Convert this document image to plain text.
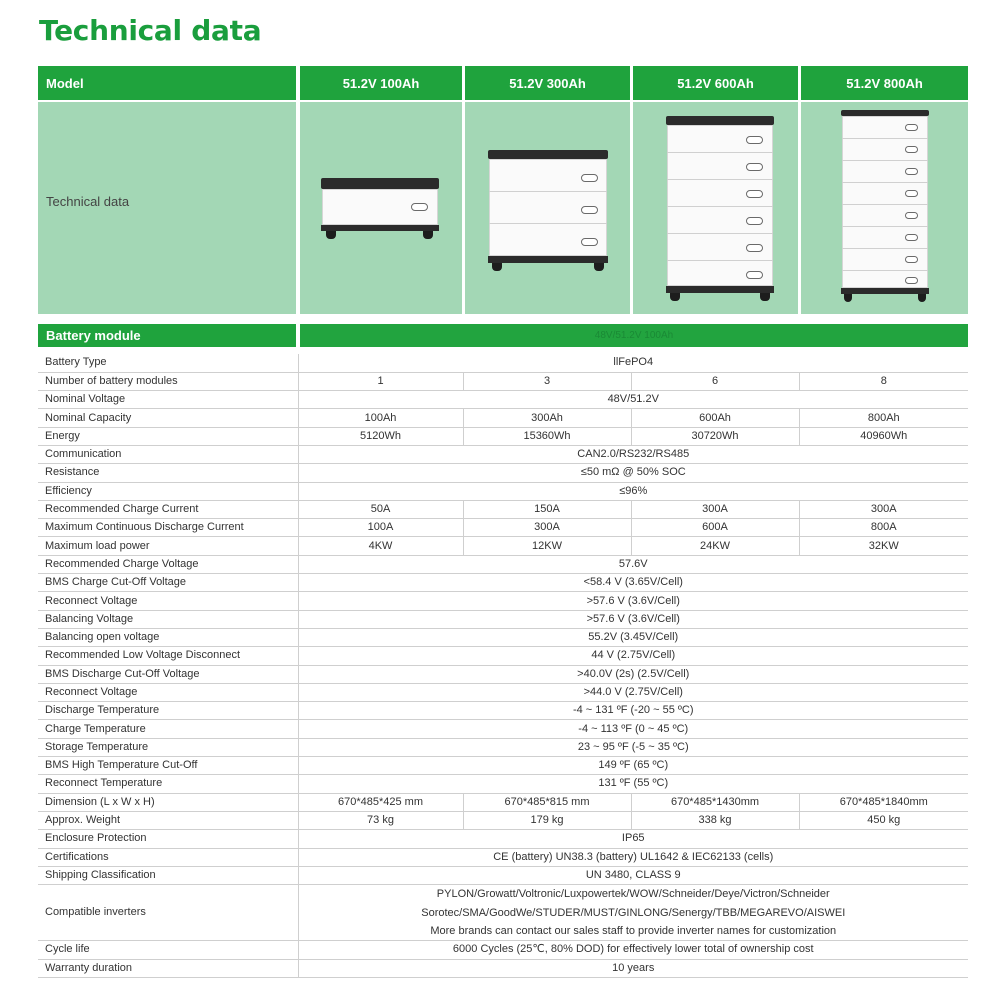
Technical data
Model	51.2V 100Ah	51.2V 300Ah	51.2V 600Ah	51.2V 800Ah
Technical data
Battery module	48V/51.2V 100Ah
Battery Type	llFePO4			
Number of battery modules	1	3	6	8
Nominal Voltage	48V/51.2V			
Nominal Capacity	100Ah	300Ah	600Ah	800Ah
Energy	5120Wh	15360Wh	30720Wh	40960Wh
Communication	CAN2.0/RS232/RS485			
Resistance	≤50 mΩ @ 50% SOC			
Efficiency	≤96%			
Recommended Charge Current	50A	150A	300A	300A
Maximum Continuous Discharge Current	100A	300A	600A	800A
Maximum load power	4KW	12KW	24KW	32KW
Recommended Charge Voltage	57.6V			
BMS Charge Cut-Off Voltage	<58.4 V (3.65V/Cell)			
Reconnect Voltage	>57.6 V (3.6V/Cell)			
Balancing Voltage	>57.6 V (3.6V/Cell)			
Balancing open voltage	55.2V (3.45V/Cell)			
Recommended Low Voltage Disconnect	44 V (2.75V/Cell)			
BMS Discharge Cut-Off Voltage	>40.0V (2s) (2.5V/Cell)			
Reconnect Voltage	>44.0 V (2.75V/Cell)			
Discharge Temperature	-4 ~ 131 ºF (-20 ~ 55 ºC)			
Charge Temperature	-4 ~ 113 ºF (0 ~ 45 ºC)			
Storage Temperature	23 ~ 95 ºF (-5 ~ 35 ºC)			
BMS High Temperature Cut-Off	149 ºF (65 ºC)			
Reconnect Temperature	131 ºF (55 ºC)			
Dimension (L x W x H)	670*485*425 mm	670*485*815 mm	670*485*1430mm	670*485*1840mm
Approx. Weight	73 kg	179 kg	338 kg	450 kg
Enclosure Protection	IP65			
Certifications	CE (battery) UN38.3 (battery) UL1642 & IEC62133 (cells)			
Shipping Classification	UN 3480, CLASS 9			
Compatible inverters	PYLON/Growatt/Voltronic/Luxpowertek/WOW/Schneider/Deye/Victron/Schneider
Sorotec/SMA/GoodWe/STUDER/MUST/GINLONG/Senergy/TBB/MEGAREVO/AISWEI
More brands can contact our sales staff to provide inverter names for customization			

Cycle life	6000 Cycles (25℃, 80% DOD) for effectively lower total of ownership cost			
Warranty duration	10 years			
